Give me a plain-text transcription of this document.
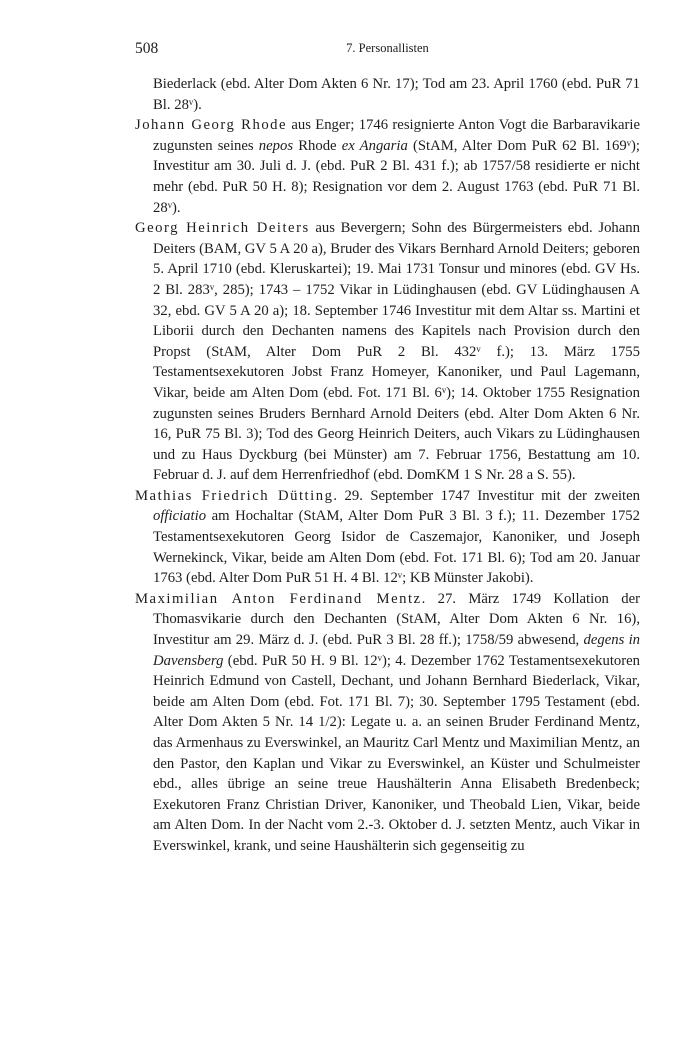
508	7. Personallisten

Biederlack (ebd. Alter Dom Akten 6 Nr. 17); Tod am 23. April 1760 (ebd. PuR 71 Bl. 28ᵛ).

Johann Georg Rhode aus Enger; 1746 resignierte Anton Vogt die Barbaravikarie zugunsten seines nepos Rhode ex Angaria (StAM, Alter Dom PuR 62 Bl. 169ᵛ); Investitur am 30. Juli d. J. (ebd. PuR 2 Bl. 431 f.); ab 1757/58 residierte er nicht mehr (ebd. PuR 50 H. 8); Resignation vor dem 2. August 1763 (ebd. PuR 71 Bl. 28ᵛ).

Georg Heinrich Deiters aus Bevergern; Sohn des Bürgermeisters ebd. Johann Deiters (BAM, GV 5 A 20 a), Bruder des Vikars Bernhard Arnold Deiters; geboren 5. April 1710 (ebd. Kleruskartei); 19. Mai 1731 Tonsur und minores (ebd. GV Hs. 2 Bl. 283ᵛ, 285); 1743 – 1752 Vikar in Lüdinghausen (ebd. GV Lüdinghausen A 32, ebd. GV 5 A 20 a); 18. September 1746 Investitur mit dem Altar ss. Martini et Liborii durch den Dechanten namens des Kapitels nach Provision durch den Propst (StAM, Alter Dom PuR 2 Bl. 432ᵛ f.); 13. März 1755 Testamentsexekutoren Jobst Franz Homeyer, Kanoniker, und Paul Lagemann, Vikar, beide am Alten Dom (ebd. Fot. 171 Bl. 6ᵛ); 14. Oktober 1755 Resignation zugunsten seines Bruders Bernhard Arnold Deiters (ebd. Alter Dom Akten 6 Nr. 16, PuR 75 Bl. 3); Tod des Georg Heinrich Deiters, auch Vikars zu Lüdinghausen und zu Haus Dyckburg (bei Münster) am 7. Februar 1756, Bestattung am 10. Februar d. J. auf dem Herrenfriedhof (ebd. DomKM 1 S Nr. 28 a S. 55).

Mathias Friedrich Dütting. 29. September 1747 Investitur mit der zweiten officiatio am Hochaltar (StAM, Alter Dom PuR 3 Bl. 3 f.); 11. Dezember 1752 Testamentsexekutoren Georg Isidor de Caszemajor, Kanoniker, und Joseph Wernekinck, Vikar, beide am Alten Dom (ebd. Fot. 171 Bl. 6); Tod am 20. Januar 1763 (ebd. Alter Dom PuR 51 H. 4 Bl. 12ᵛ; KB Münster Jakobi).

Maximilian Anton Ferdinand Mentz. 27. März 1749 Kollation der Thomasvikarie durch den Dechanten (StAM, Alter Dom Akten 6 Nr. 16), Investitur am 29. März d. J. (ebd. PuR 3 Bl. 28 ff.); 1758/59 abwesend, degens in Davensberg (ebd. PuR 50 H. 9 Bl. 12ᵛ); 4. Dezember 1762 Testamentsexekutoren Heinrich Edmund von Castell, Dechant, und Johann Bernhard Biederlack, Vikar, beide am Alten Dom (ebd. Fot. 171 Bl. 7); 30. September 1795 Testament (ebd. Alter Dom Akten 5 Nr. 14 1/2): Legate u. a. an seinen Bruder Ferdinand Mentz, das Armenhaus zu Everswinkel, an Mauritz Carl Mentz und Maximilian Mentz, an den Pastor, den Kaplan und Vikar zu Everswinkel, an Küster und Schulmeister ebd., alles übrige an seine treue Haushälterin Anna Elisabeth Bredenbeck; Exekutoren Franz Christian Driver, Kanoniker, und Theobald Lien, Vikar, beide am Alten Dom. In der Nacht vom 2.-3. Oktober d. J. setzten Mentz, auch Vikar in Everswinkel, krank, und seine Haushälterin sich gegenseitig zu
